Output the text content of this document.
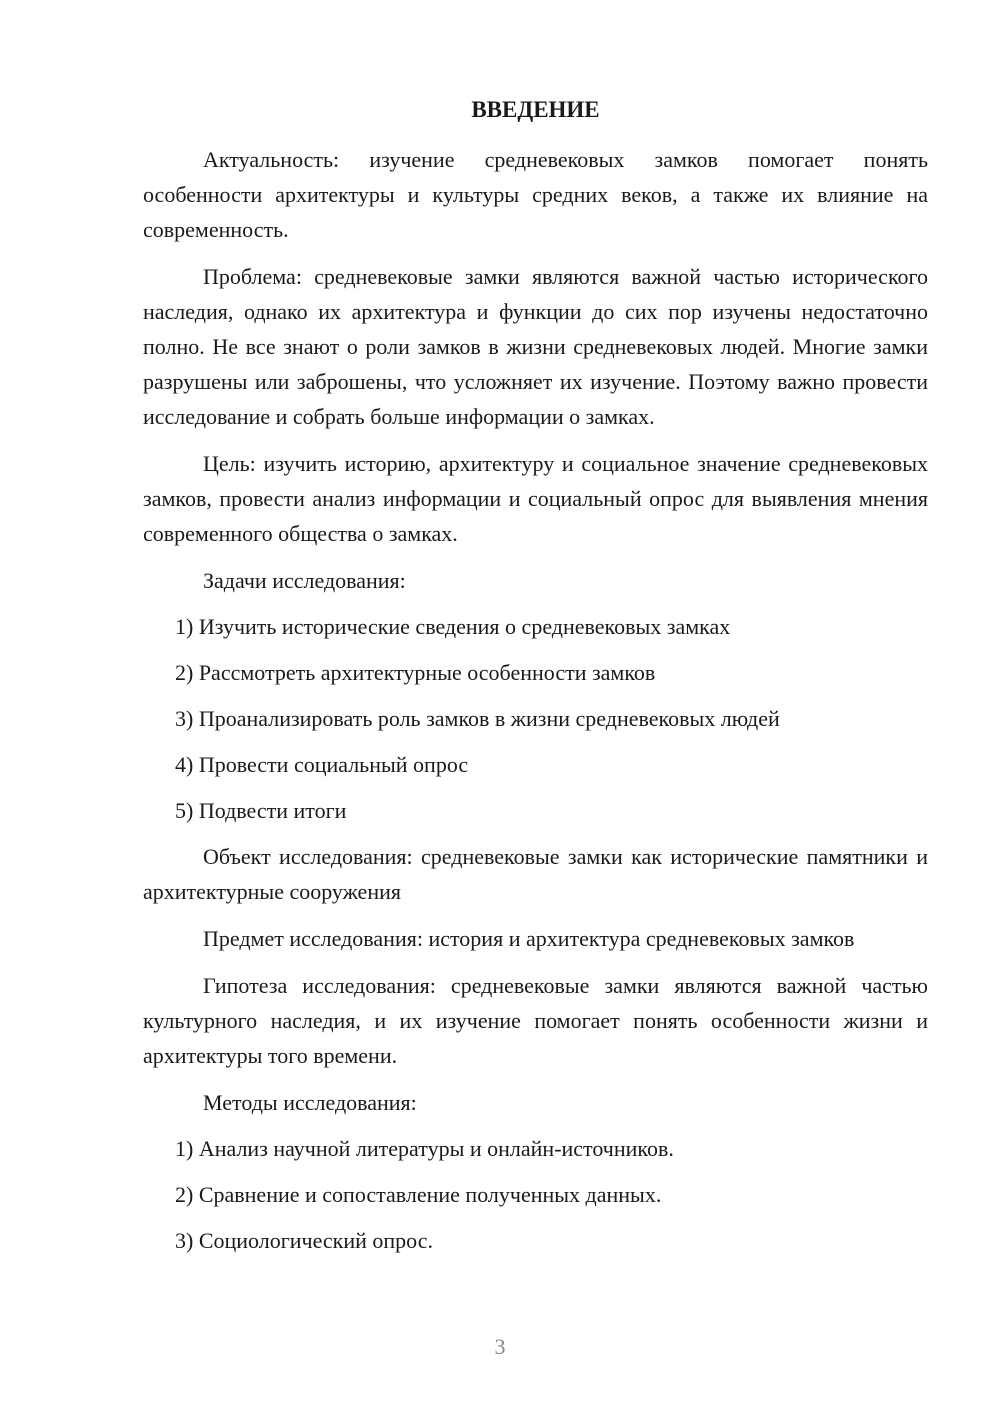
ВВЕДЕНИЕ

Актуальность: изучение средневековых замков помогает понять особенности архитектуры и культуры средних веков, а также их влияние на современность.

Проблема: средневековые замки являются важной частью исторического наследия, однако их архитектура и функции до сих пор изучены недостаточно полно. Не все знают о роли замков в жизни средневековых людей. Многие замки разрушены или заброшены, что усложняет их изучение. Поэтому важно провести исследование и собрать больше информации о замках.

Цель: изучить историю, архитектуру и социальное значение средневековых замков, провести анализ информации и социальный опрос для выявления мнения современного общества о замках.

Задачи исследования:

1) Изучить исторические сведения о средневековых замках
2) Рассмотреть архитектурные особенности замков
3) Проанализировать роль замков в жизни средневековых людей
4) Провести социальный опрос
5) Подвести итоги

Объект исследования: средневековые замки как исторические памятники и архитектурные сооружения

Предмет исследования: история и архитектура средневековых замков

Гипотеза исследования: средневековые замки являются важной частью культурного наследия, и их изучение помогает понять особенности жизни и архитектуры того времени.

Методы исследования:

1) Анализ научной литературы и онлайн-источников.
2) Сравнение и сопоставление полученных данных.
3) Социологический опрос.
3
